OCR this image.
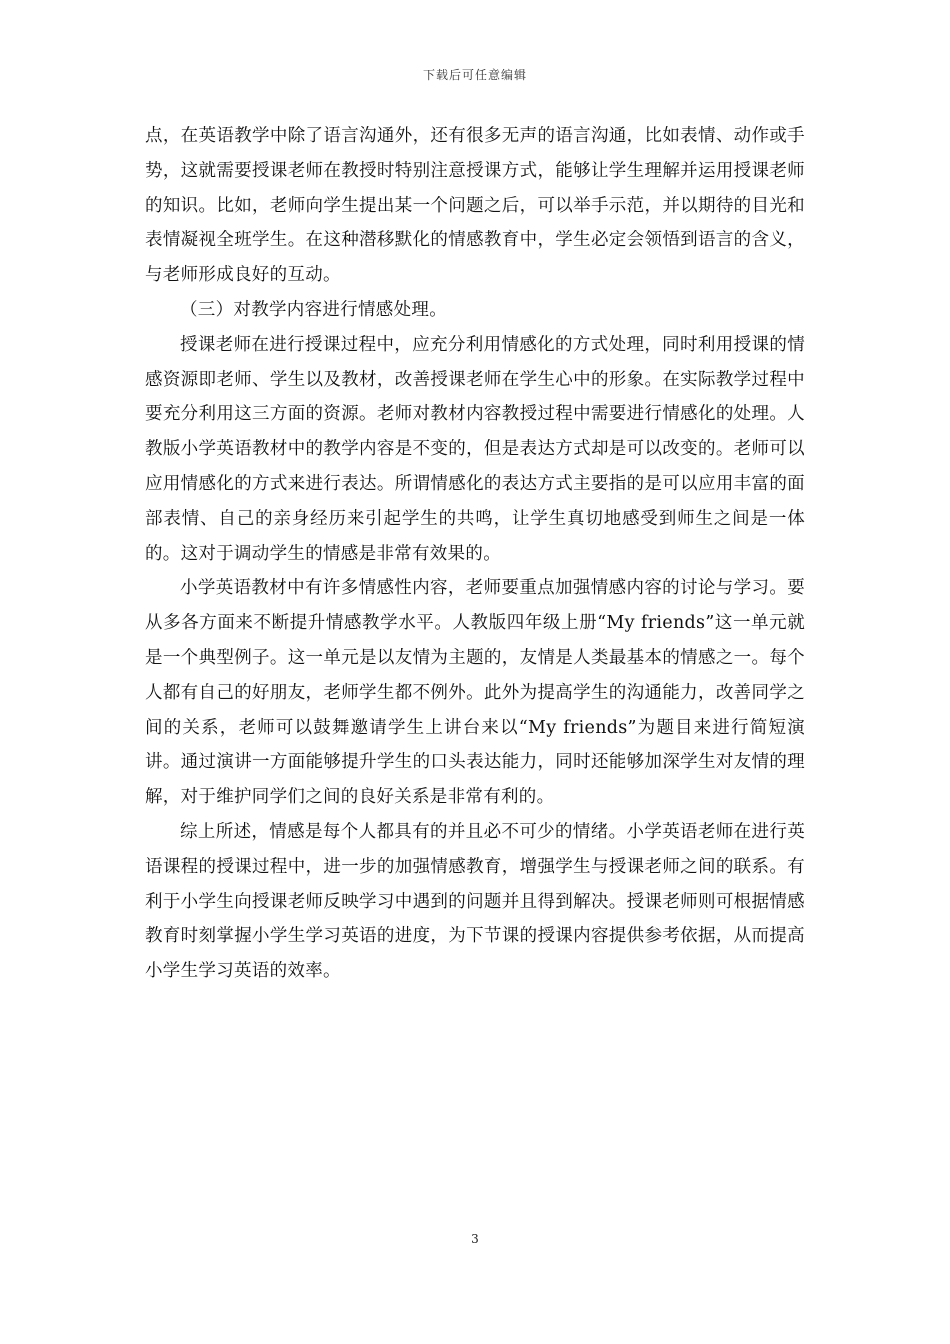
下载后可任意编辑

点，在英语教学中除了语言沟通外，还有很多无声的语言沟通，比如表情、动作或手势，这就需要授课老师在教授时特别注意授课方式，能够让学生理解并运用授课老师的知识。比如，老师向学生提出某一个问题之后，可以举手示范，并以期待的目光和表情凝视全班学生。在这种潜移默化的情感教育中，学生必定会领悟到语言的含义，与老师形成良好的互动。

（三）对教学内容进行情感处理。

授课老师在进行授课过程中，应充分利用情感化的方式处理，同时利用授课的情感资源即老师、学生以及教材，改善授课老师在学生心中的形象。在实际教学过程中要充分利用这三方面的资源。老师对教材内容教授过程中需要进行情感化的处理。人教版小学英语教材中的教学内容是不变的，但是表达方式却是可以改变的。老师可以应用情感化的方式来进行表达。所谓情感化的表达方式主要指的是可以应用丰富的面部表情、自己的亲身经历来引起学生的共鸣，让学生真切地感受到师生之间是一体的。这对于调动学生的情感是非常有效果的。

小学英语教材中有许多情感性内容，老师要重点加强情感内容的讨论与学习。要从多各方面来不断提升情感教学水平。人教版四年级上册“My friends”这一单元就是一个典型例子。这一单元是以友情为主题的，友情是人类最基本的情感之一。每个人都有自己的好朋友，老师学生都不例外。此外为提高学生的沟通能力，改善同学之间的关系，老师可以鼓舞邀请学生上讲台来以“My friends”为题目来进行简短演讲。通过演讲一方面能够提升学生的口头表达能力，同时还能够加深学生对友情的理解，对于维护同学们之间的良好关系是非常有利的。

综上所述，情感是每个人都具有的并且必不可少的情绪。小学英语老师在进行英语课程的授课过程中，进一步的加强情感教育，增强学生与授课老师之间的联系。有利于小学生向授课老师反映学习中遇到的问题并且得到解决。授课老师则可根据情感教育时刻掌握小学生学习英语的进度，为下节课的授课内容提供参考依据，从而提高小学生学习英语的效率。

3
